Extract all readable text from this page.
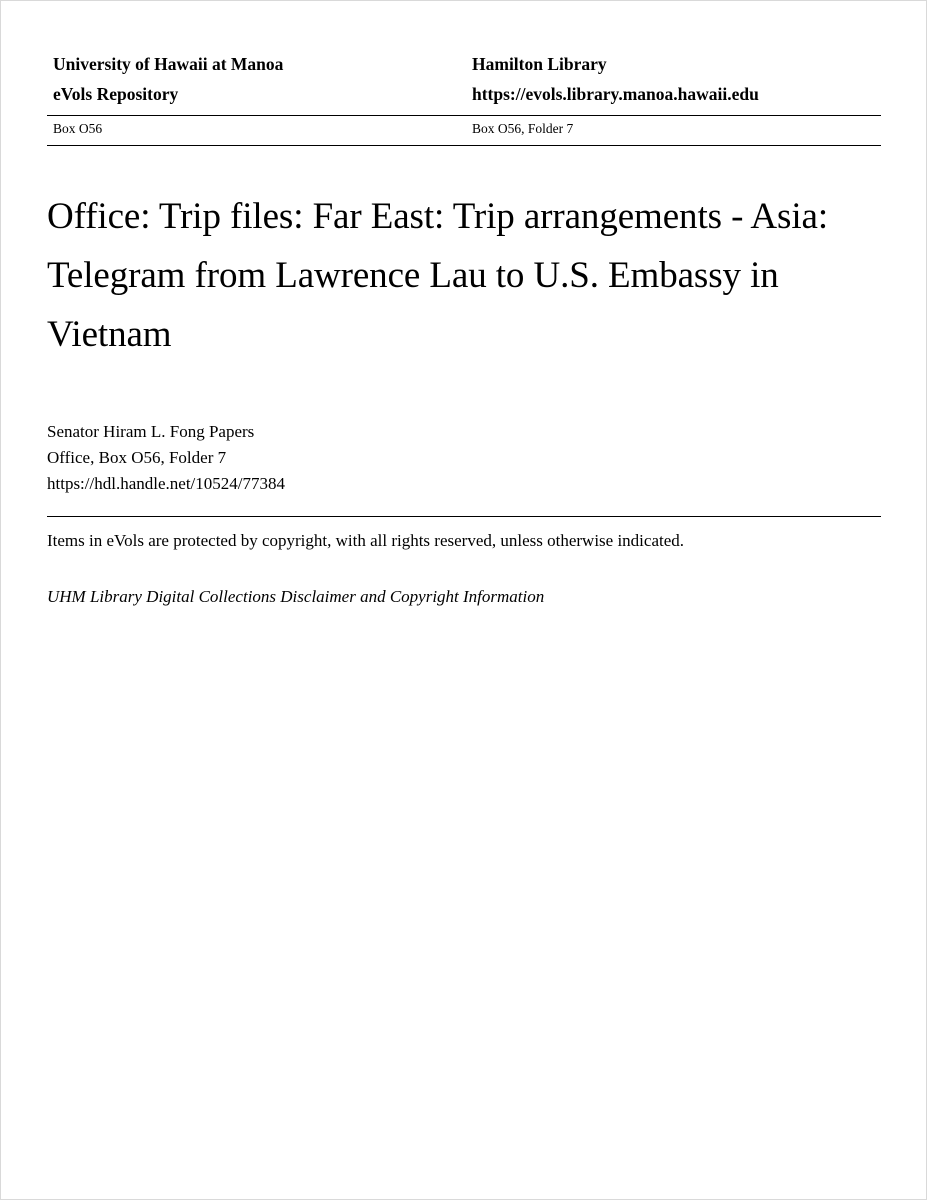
University of Hawaii at Manoa
eVols Repository
Hamilton Library
https://evols.library.manoa.hawaii.edu
Box O56	Box O56, Folder 7
Office: Trip files: Far East: Trip arrangements - Asia: Telegram from Lawrence Lau to U.S. Embassy in Vietnam
Senator Hiram L. Fong Papers
Office, Box O56, Folder 7
https://hdl.handle.net/10524/77384
Items in eVols are protected by copyright, with all rights reserved, unless otherwise indicated.
UHM Library Digital Collections Disclaimer and Copyright Information
